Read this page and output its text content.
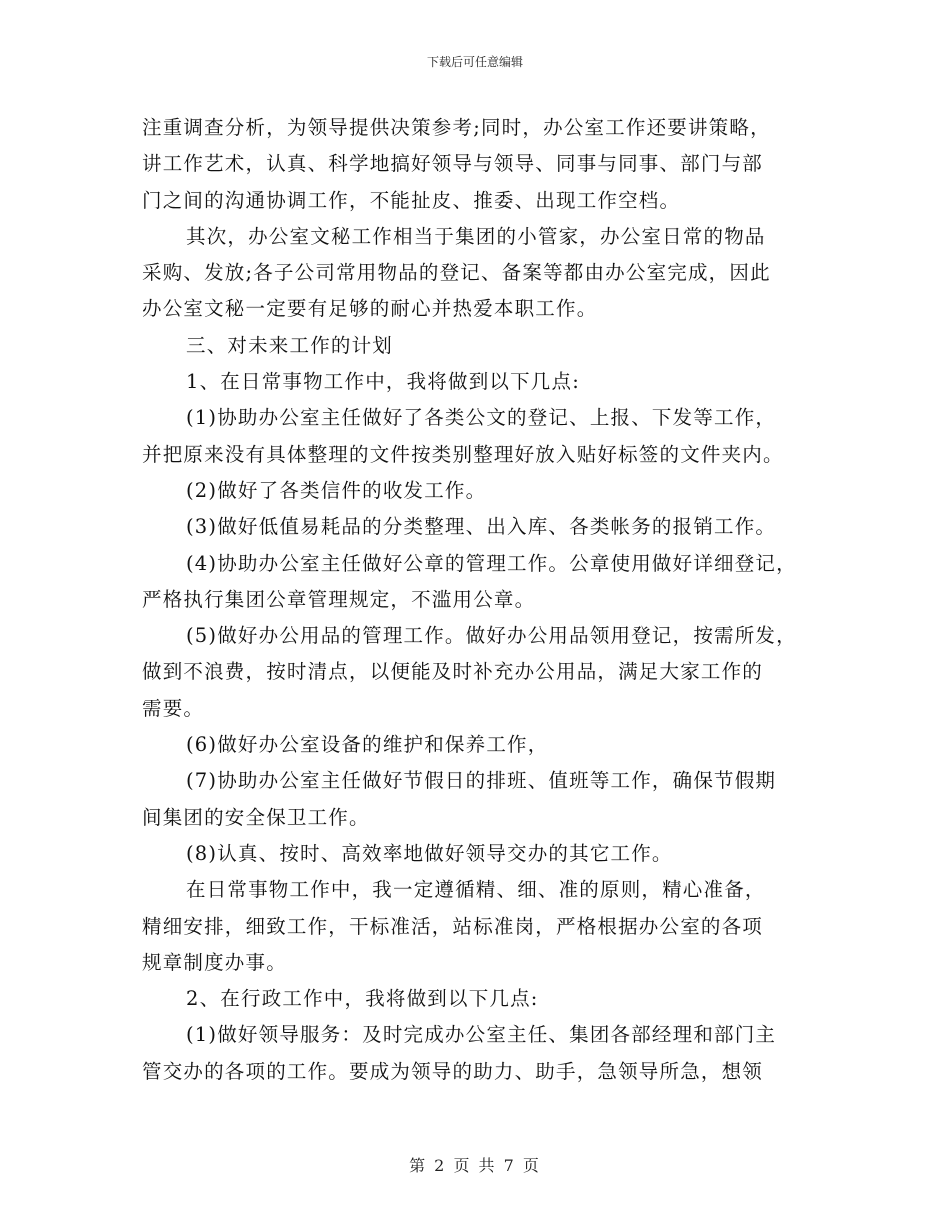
下载后可任意编辑
注重调查分析，为领导提供决策参考;同时，办公室工作还要讲策略，
讲工作艺术，认真、科学地搞好领导与领导、同事与同事、部门与部
门之间的沟通协调工作，不能扯皮、推委、出现工作空档。
其次，办公室文秘工作相当于集团的小管家，办公室日常的物品
采购、发放;各子公司常用物品的登记、备案等都由办公室完成，因此
办公室文秘一定要有足够的耐心并热爱本职工作。
三、对未来工作的计划
1、在日常事物工作中，我将做到以下几点:
(1)协助办公室主任做好了各类公文的登记、上报、下发等工作，
并把原来没有具体整理的文件按类别整理好放入贴好标签的文件夹内。
(2)做好了各类信件的收发工作。
(3)做好低值易耗品的分类整理、出入库、各类帐务的报销工作。
(4)协助办公室主任做好公章的管理工作。公章使用做好详细登记，
严格执行集团公章管理规定，不滥用公章。
(5)做好办公用品的管理工作。做好办公用品领用登记，按需所发，
做到不浪费，按时清点，以便能及时补充办公用品，满足大家工作的
需要。
(6)做好办公室设备的维护和保养工作，
(7)协助办公室主任做好节假日的排班、值班等工作，确保节假期
间集团的安全保卫工作。
(8)认真、按时、高效率地做好领导交办的其它工作。
在日常事物工作中，我一定遵循精、细、准的原则，精心准备，
精细安排，细致工作，干标准活，站标准岗，严格根据办公室的各项
规章制度办事。
2、在行政工作中，我将做到以下几点:
(1)做好领导服务：及时完成办公室主任、集团各部经理和部门主
管交办的各项的工作。要成为领导的助力、助手，急领导所急，想领
第 2 页 共 7 页
